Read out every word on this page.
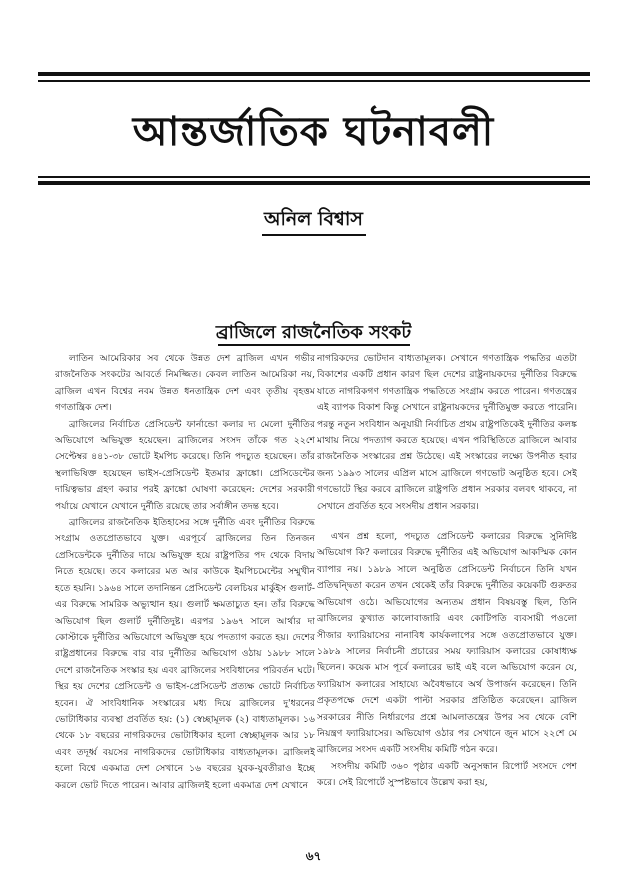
আন্তর্জাতিক ঘটনাবলী
অনিল বিশ্বাস
ব্রাজিলে রাজনৈতিক সংকট

লাতিন আমেরিকার সব থেকে উন্নত দেশ ব্রাজিল এখন গভীর রাজনৈতিক সংকটের আবর্তে নিমজ্জিত। কেবল লাতিন আমেরিকা নয়, ব্রাজিল এখন বিশ্বের নবম উন্নত ধনতান্ত্রিক দেশ এবং তৃতীয় বৃহত্তম গণতান্ত্রিক দেশ।

ব্রাজিলের নির্বাচিত প্রেসিডেন্ট ফার্নান্ডো কলার দ্য মেলো দুর্নীতির অভিযোগে অভিযুক্ত হয়েছেন। ব্রাজিলের সংসদ তাঁকে গত ২২শে সেপ্টেম্বর ৪৪১-৩৮ ভোটে ইমপিচ করেছে। তিনি পদচ্যুত হয়েছেন। তাঁর স্থলাভিষিক্ত হয়েছেন ভাইস-প্রেসিডেন্ট ইতমার ফ্রাঙ্কো। প্রেসিডেন্টের দায়িত্বভার গ্রহণ করার পরই ফ্রাঙ্কো ঘোষণা করেছেন: দেশের সরকারী পর্যায়ে যেখানে যেখানে দুর্নীতি রয়েছে তার সর্বাঙ্গীন তদন্ত হবে।

ব্রাজিলের রাজনৈতিক ইতিহাসের সঙ্গে দুর্নীতি এবং দুর্নীতির বিরুদ্ধে সংগ্রাম ওতপ্রোতভাবে যুক্ত। এরপূর্বে ব্রাজিলের তিন তিনজন প্রেসিডেন্টকে দুর্নীতির দায়ে অভিযুক্ত হয়ে রাষ্ট্রপতির পদ থেকে বিদায় নিতে হয়েছে। তবে কলারের মত আর কাউকে ইমপিচমেন্টের সম্মুখীন হতে হয়নি। ১৯৬৪ সালে তদানিন্তন প্রেসিডেন্ট বেলচিয়র মার্কুইস গুলার্ট-এর বিরুদ্ধে সামরিক অভ্যুত্থান হয়। গুলার্ট ক্ষমতাচ্যুত হন। তাঁর বিরুদ্ধে অভিযোগ ছিল গুলার্ট দুর্নীতিদুষ্ট। এরপর ১৯৬৭ সালে আর্থার দা কোস্টাকে দুর্নীতির অভিযোগে অভিযুক্ত হয়ে পদত্যাগ করতে হয়। দেশের রাষ্ট্রপ্রধানের বিরুদ্ধে বার বার দুর্নীতির অভিযোগ ওঠায় ১৯৮৮ সালে দেশে রাজনৈতিক সংস্কার হয় এবং ব্রাজিলের সংবিধানের পরিবর্তন ঘটে। স্থির হয় দেশের প্রেসিডেন্ট ও ভাইস-প্রেসিডেন্ট প্রত্যক্ষ ভোটে নির্বাচিত হবেন। ঐ সাংবিধানিক সংস্কারের মধ্য দিয়ে ব্রাজিলের দু'ধরনের ভোটাধিকার ব্যবস্থা প্রবর্তিত হয়: (১) স্বেচ্ছামূলক (২) বাধ্যতামূলক। ১৬ থেকে ১৮ বছরের নাগরিকদের ভোটাধিকার হলো স্বেচ্ছামূলক আর ১৮ এবং তদূর্ধ্ব বয়সের নাগরিকদের ভোটাধিকার বাধ্যতামূলক। ব্রাজিলই হলো বিশ্বে একমাত্র দেশ সেখানে ১৬ বছরের যুবক-যুবতীরাও ইচ্ছে করলে ভোট দিতে পারেন। আবার ব্রাজিলই হলো একমাত্র দেশ যেখানে

নাগরিকদের ভোটদান বাধ্যতামূলক। সেখানে গণতান্ত্রিক পদ্ধতির এতটা বিকাশের একটি প্রধান কারণ ছিল দেশের রাষ্ট্রনায়কদের দুর্নীতির বিরুদ্ধে যাতে নাগরিকগণ গণতান্ত্রিক পদ্ধতিতে সংগ্রাম করতে পারেন। গণতন্ত্রের এই ব্যাপক বিকাশ কিন্তু সেখানে রাষ্ট্রনায়কদের দুর্নীতিমুক্ত করতে পারেনি। পরন্তু নতুন সংবিধান অনুযায়ী নির্বাচিত প্রথম রাষ্ট্রপতিকেই দুর্নীতির কলঙ্ক মাথায় নিয়ে পদত্যাগ করতে হয়েছে। এখন পরিস্থিতিতে ব্রাজিলে আবার রাজনৈতিক সংস্কারের প্রশ্ন উঠেছে। এই সংস্কারের লক্ষ্যে উপনীত হবার জন্য ১৯৯৩ সালের এপ্রিল মাসে ব্রাজিলে গণভোট অনুষ্ঠিত হবে। সেই গণভোটে স্থির করবে ব্রাজিলে রাষ্ট্রপতি প্রধান সরকার বলবৎ থাকবে, না সেখানে প্রবর্তিত হবে সংসদীয় প্রধান সরকার।

এখন প্রশ্ন হলো, পদচ্যুত প্রেসিডেন্ট কলারের বিরুদ্ধে সুনির্দিষ্ট অভিযোগ কি? কলারের বিরুদ্ধে দুর্নীতির এই অভিযোগ আকস্মিক কোন ব্যাপার নয়। ১৯৮৯ সালে অনুষ্ঠিত প্রেসিডেন্ট নির্বাচনে তিনি যখন প্রতিদ্বন্দ্বিতা করেন তখন থেকেই তাঁর বিরুদ্ধে দুর্নীতির কয়েকটি গুরুতর অভিযোগ ওঠে। অভিযোগের অন্যতম প্রধান বিষয়বস্তু ছিল, তিনি ব্রাজিলের কুখ্যাত কালোবাজারি এবং কোটিপতি ব্যবসায়ী পওলো সীজার ফ্যারিয়াসের নানাবিধ কার্যকলাপের সঙ্গে ওতপ্রোতভাবে যুক্ত। ১৯৮৯ সালের নির্বাচনী প্রচারের সময় ফ্যারিয়াস কলারের কোষাধ্যক্ষ ছিলেন। কয়েক মাস পূর্বে কলারের ভাই এই বলে অভিযোগ করেন যে, ফ্যারিয়াস কলারের সাহায্যে অবৈধভাবে অর্থ উপার্জন করেছেন। তিনি প্রকৃতপক্ষে দেশে একটা পাল্টা সরকার প্রতিষ্ঠিত করেছেন। ব্রাজিল সরকারের নীতি নির্ধারণের প্রশ্নে আমলাতন্ত্রের উপর সব থেকে বেশি নিয়ন্ত্রণ ফ্যারিয়াসের। অভিযোগ ওঠার পর সেখানে জুন মাসে ২২শে মে ব্রাজিলের সংসদ একটি সংসদীয় কমিটি গঠন করে।

সংসদীয় কমিটি ৩৬০ পৃষ্ঠার একটি অনুসন্ধান রিপোর্ট সংসদে পেশ করে। সেই রিপোর্টে সুস্পষ্টভাবে উল্লেখ করা হয়,

৬৭
